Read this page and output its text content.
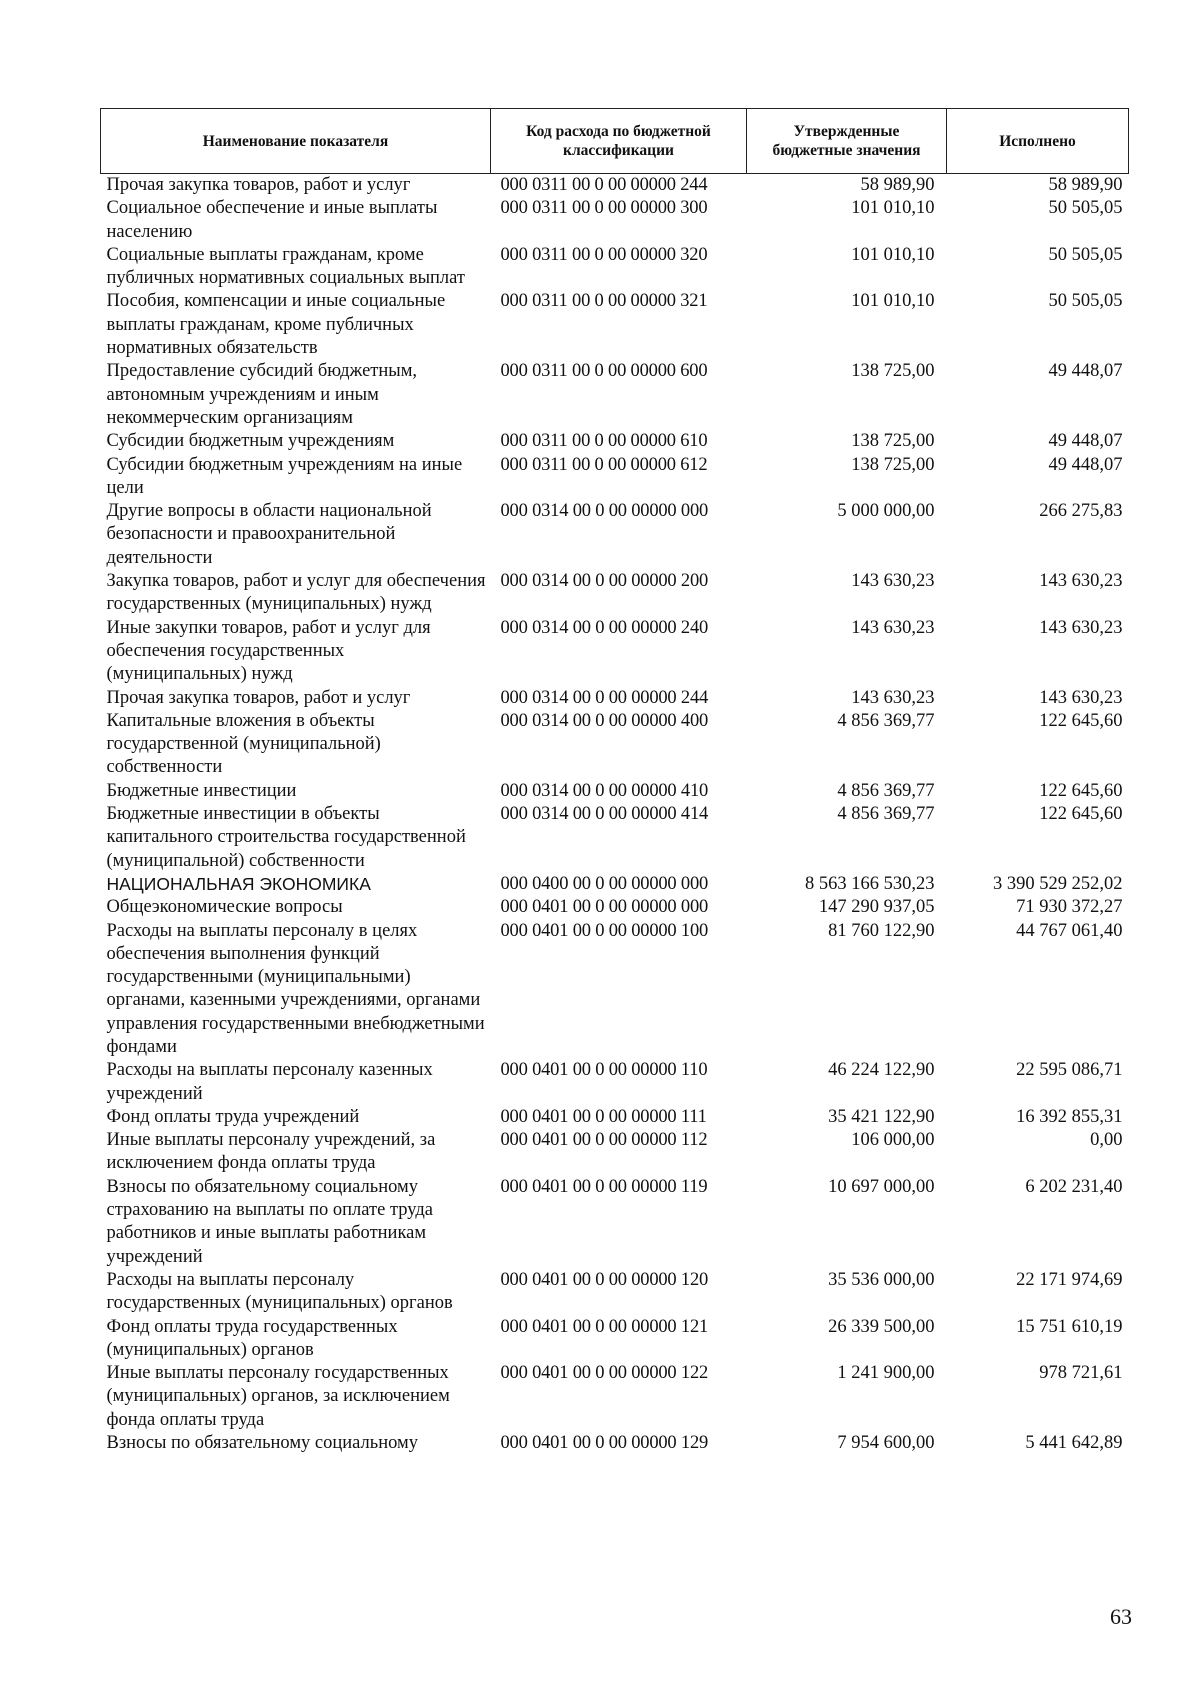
Наименование показателя	Код расхода по бюджетной классификации	Утвержденные бюджетные значения	Исполнено
Прочая закупка товаров, работ и услуг	000 0311 00 0 00 00000 244	58 989,90	58 989,90
Социальное обеспечение и иные выплаты населению	000 0311 00 0 00 00000 300	101 010,10	50 505,05
Социальные выплаты гражданам, кроме публичных нормативных социальных выплат	000 0311 00 0 00 00000 320	101 010,10	50 505,05
Пособия, компенсации и иные социальные выплаты гражданам, кроме публичных нормативных обязательств	000 0311 00 0 00 00000 321	101 010,10	50 505,05
Предоставление субсидий бюджетным, автономным учреждениям и иным некоммерческим организациям	000 0311 00 0 00 00000 600	138 725,00	49 448,07
Субсидии бюджетным учреждениям	000 0311 00 0 00 00000 610	138 725,00	49 448,07
Субсидии бюджетным учреждениям на иные цели	000 0311 00 0 00 00000 612	138 725,00	49 448,07
Другие вопросы в области национальной безопасности и правоохранительной деятельности	000 0314 00 0 00 00000 000	5 000 000,00	266 275,83
Закупка товаров, работ и услуг для обеспечения государственных (муниципальных) нужд	000 0314 00 0 00 00000 200	143 630,23	143 630,23
Иные закупки товаров, работ и услуг для обеспечения государственных (муниципальных) нужд	000 0314 00 0 00 00000 240	143 630,23	143 630,23
Прочая закупка товаров, работ и услуг	000 0314 00 0 00 00000 244	143 630,23	143 630,23
Капитальные вложения в объекты государственной (муниципальной) собственности	000 0314 00 0 00 00000 400	4 856 369,77	122 645,60
Бюджетные инвестиции	000 0314 00 0 00 00000 410	4 856 369,77	122 645,60
Бюджетные инвестиции в объекты капитального строительства государственной (муниципальной) собственности	000 0314 00 0 00 00000 414	4 856 369,77	122 645,60
НАЦИОНАЛЬНАЯ ЭКОНОМИКА	000 0400 00 0 00 00000 000	8 563 166 530,23	3 390 529 252,02
Общеэкономические вопросы	000 0401 00 0 00 00000 000	147 290 937,05	71 930 372,27
Расходы на выплаты персоналу в целях обеспечения выполнения функций государственными (муниципальными) органами, казенными учреждениями, органами управления государственными внебюджетными фондами	000 0401 00 0 00 00000 100	81 760 122,90	44 767 061,40
Расходы на выплаты персоналу казенных учреждений	000 0401 00 0 00 00000 110	46 224 122,90	22 595 086,71
Фонд оплаты труда учреждений	000 0401 00 0 00 00000 111	35 421 122,90	16 392 855,31
Иные выплаты персоналу учреждений, за исключением фонда оплаты труда	000 0401 00 0 00 00000 112	106 000,00	0,00
Взносы по обязательному социальному страхованию на выплаты по оплате труда работников и иные выплаты работникам учреждений	000 0401 00 0 00 00000 119	10 697 000,00	6 202 231,40
Расходы на выплаты персоналу государственных (муниципальных) органов	000 0401 00 0 00 00000 120	35 536 000,00	22 171 974,69
Фонд оплаты труда государственных (муниципальных) органов	000 0401 00 0 00 00000 121	26 339 500,00	15 751 610,19
Иные выплаты персоналу государственных (муниципальных) органов, за исключением фонда оплаты труда	000 0401 00 0 00 00000 122	1 241 900,00	978 721,61
Взносы по обязательному социальному	000 0401 00 0 00 00000 129	7 954 600,00	5 441 642,89
63
